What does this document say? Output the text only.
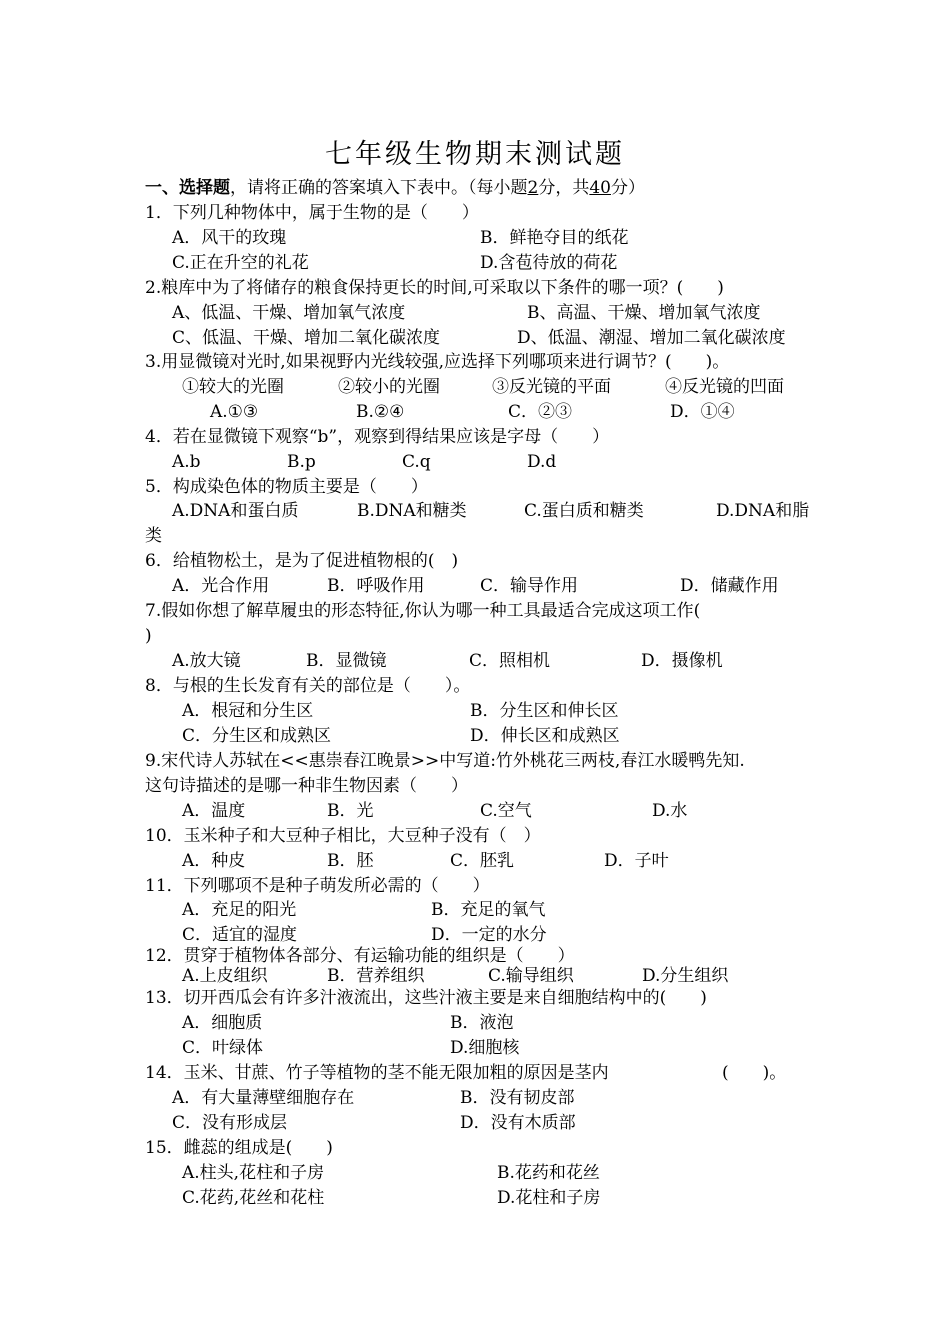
七年级生物期末测试题
一、选择题，请将正确的答案填入下表中。（每小题2分，共40分）
1．下列几种物体中，属于生物的是（　　）
A．风干的玫瑰	B．鲜艳夺目的纸花
C.正在升空的礼花	D.含苞待放的荷花
2.粮库中为了将储存的粮食保持更长的时间,可采取以下条件的哪一项？(　　)
A、低温、干燥、增加氧气浓度	B、高温、干燥、增加氧气浓度
C、低温、干燥、增加二氧化碳浓度	D、低温、潮湿、增加二氧化碳浓度
3.用显微镜对光时,如果视野内光线较强,应选择下列哪项来进行调节？(　　)。
①较大的光圈	②较小的光圈	③反光镜的平面	④反光镜的凹面
A.①③	B.②④	C．②③	D．①④
4．若在显微镜下观察“b”，观察到得结果应该是字母（　　）
A.b	B.p	C.q	D.d
5．构成染色体的物质主要是（　　）
A.DNA和蛋白质	B.DNA和糖类	C.蛋白质和糖类	D.DNA和脂
类
6．给植物松土，是为了促进植物根的(　)
A．光合作用	B．呼吸作用	C．输导作用	D．储藏作用
7.假如你想了解草履虫的形态特征,你认为哪一种工具最适合完成这项工作(
)
A.放大镜	B．显微镜	C．照相机	D．摄像机
8．与根的生长发育有关的部位是（　　）。
A．根冠和分生区	B．分生区和伸长区
C．分生区和成熟区	D．伸长区和成熟区
9.宋代诗人苏轼在<<惠崇春江晚景>>中写道:竹外桃花三两枝,春江水暖鸭先知.
这句诗描述的是哪一种非生物因素（　　）
A．温度	B．光	C.空气	D.水
10．玉米种子和大豆种子相比，大豆种子没有（　）
A．种皮	B．胚	C．胚乳	D．子叶
11．下列哪项不是种子萌发所必需的（　　）
A．充足的阳光	B．充足的氧气
C．适宜的湿度	D．一定的水分
12．贯穿于植物体各部分、有运输功能的组织是（　　）
A.上皮组织	B．营养组织	C.输导组织	D.分生组织
13．切开西瓜会有许多汁液流出，这些汁液主要是来自细胞结构中的(　　)
A．细胞质	B．液泡
C．叶绿体	D.细胞核
14．玉米、甘蔗、竹子等植物的茎不能无限加粗的原因是茎内	(　　)。
A．有大量薄壁细胞存在	B．没有韧皮部
C．没有形成层	D．没有木质部
15．雌蕊的组成是(　　)
A.柱头,花柱和子房	B.花药和花丝
C.花药,花丝和花柱	D.花柱和子房
